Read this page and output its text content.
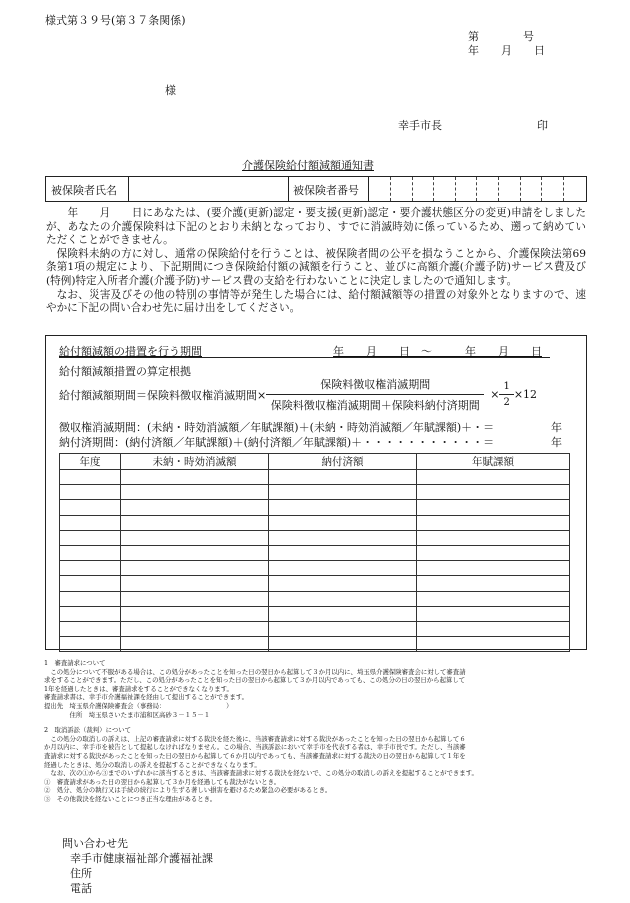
様式第３９号(第３７条関係)
第　　　　号
年　　月　　日
様
幸手市長	印
介護保険給付額減額通知書
被保険者氏名	被保険者番号

　　年　　月　　日にあなたは、(要介護(更新)認定・要支援(更新)認定・要介護状態区分の変更)申請をしましたが、あなたの介護保険料は下記のとおり未納となっており、すでに消滅時効に係っているため、遡って納めていただくことができません。

保険料未納の方に対し、通常の保険給付を行うことは、被保険者間の公平を損なうことから、介護保険法第69条第1項の規定により、下記期間につき保険給付額の減額を行うこと、並びに高額介護(介護予防)サービス費及び(特例)特定入所者介護(介護予防)サービス費の支給を行わないことに決定しましたので通知します。

なお、災害及びその他の特別の事情等が発生した場合には、給付額減額等の措置の対象外となりますので、速やかに下記の問い合わせ先に届け出をしてください。

給付額減額の措置を行う期間	年　　月　　日　～　　　年　　月　　日
給付額減額措置の算定根拠
給付額減額期間＝保険料徴収権消滅期間× $\frac{\text{保険料徴収権消滅期間}}{\text{保険料徴収権消滅期間＋保険料納付済期間}} \times \frac{1}{2} \times 12$
徴収権消滅期間：(未納・時効消滅額／年賦課額)＋(未納・時効消滅額／年賦課額)＋・＝	年
納付済期間：(納付済額／年賦課額)＋(納付済額／年賦課額)＋・・・・・・・・・・・＝	年
年度	未納・時効消滅額	納付済額	年賦課額

1　審査請求について
　この処分について不服がある場合は、この処分があったことを知った日の翌日から起算して３か月以内に、埼玉県介護保険審査会に対して審査請
求をすることができます。ただし、この処分があったことを知った日の翌日から起算して３か月以内であっても、この処分の日の翌日から起算して
1年を経過したときは、審査請求をすることができなくなります。
審査請求書は、幸手市介護福祉課を経由して提出することができます。
提出先　埼玉県介護保険審査会（事務局：　　　　　　　　　　）
　　　　住所　埼玉県さいたま市浦和区高砂３－１５－１
2　取消訴訟（裁判）について
　この処分の取消しの訴えは、上記の審査請求に対する裁決を経た後に、当該審査請求に対する裁決があったことを知った日の翌日から起算して６
か月以内に、幸手市を被告として提起しなければなりません。この場合、当該訴訟において幸手市を代表する者は、幸手市長です。ただし、当該審
査請求に対する裁決があったことを知った日の翌日から起算して６か月以内であっても、当該審査請求に対する裁決の日の翌日から起算して１年を
経過したときは、処分の取消しの訴えを提起することができなくなります。
　なお、次の①から③までのいずれかに該当するときは、当該審査請求に対する裁決を経ないで、この処分の取消しの訴えを提起することができます。
①　審査請求があった日の翌日から起算して３か月を経過しても裁決がないとき。
②　処分、処分の執行又は手続の続行により生ずる著しい損害を避けるため緊急の必要があるとき。
③　その他裁決を経ないことにつき正当な理由があるとき。
問い合わせ先
幸手市健康福祉部介護福祉課
住所
電話
